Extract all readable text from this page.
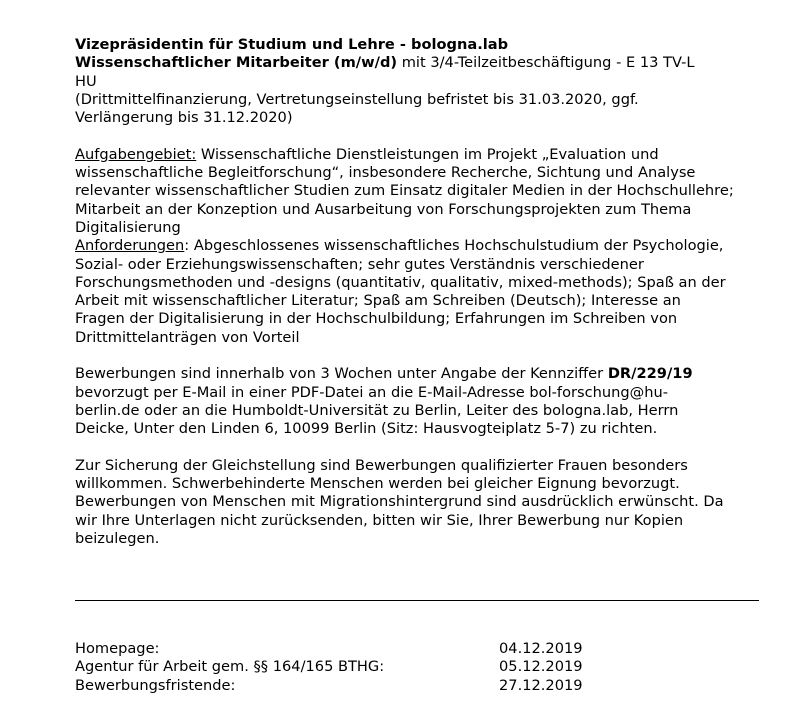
Vizepräsidentin für Studium und Lehre - bologna.lab
Wissenschaftlicher Mitarbeiter (m/w/d) mit 3/4-Teilzeitbeschäftigung - E 13 TV-L
HU
(Drittmittelfinanzierung, Vertretungseinstellung befristet bis 31.03.2020, ggf.
Verlängerung bis 31.12.2020)
Aufgabengebiet: Wissenschaftliche Dienstleistungen im Projekt „Evaluation und
wissenschaftliche Begleitforschung“, insbesondere Recherche, Sichtung und Analyse
relevanter wissenschaftlicher Studien zum Einsatz digitaler Medien in der Hochschullehre;
Mitarbeit an der Konzeption und Ausarbeitung von Forschungsprojekten zum Thema
Digitalisierung
Anforderungen: Abgeschlossenes wissenschaftliches Hochschulstudium der Psychologie,
Sozial- oder Erziehungswissenschaften; sehr gutes Verständnis verschiedener
Forschungsmethoden und -designs (quantitativ, qualitativ, mixed-methods); Spaß an der
Arbeit mit wissenschaftlicher Literatur; Spaß am Schreiben (Deutsch); Interesse an
Fragen der Digitalisierung in der Hochschulbildung; Erfahrungen im Schreiben von
Drittmittelanträgen von Vorteil
Bewerbungen sind innerhalb von 3 Wochen unter Angabe der Kennziffer DR/229/19
bevorzugt per E-Mail in einer PDF-Datei an die E-Mail-Adresse bol-forschung@hu-
berlin.de oder an die Humboldt-Universität zu Berlin, Leiter des bologna.lab, Herrn
Deicke, Unter den Linden 6, 10099 Berlin (Sitz: Hausvogteiplatz 5-7) zu richten.
Zur Sicherung der Gleichstellung sind Bewerbungen qualifizierter Frauen besonders
willkommen. Schwerbehinderte Menschen werden bei gleicher Eignung bevorzugt.
Bewerbungen von Menschen mit Migrationshintergrund sind ausdrücklich erwünscht. Da
wir Ihre Unterlagen nicht zurücksenden, bitten wir Sie, Ihrer Bewerbung nur Kopien
beizulegen.
Homepage:	04.12.2019
Agentur für Arbeit gem. §§ 164/165 BTHG:	05.12.2019
Bewerbungsfristende:	27.12.2019
